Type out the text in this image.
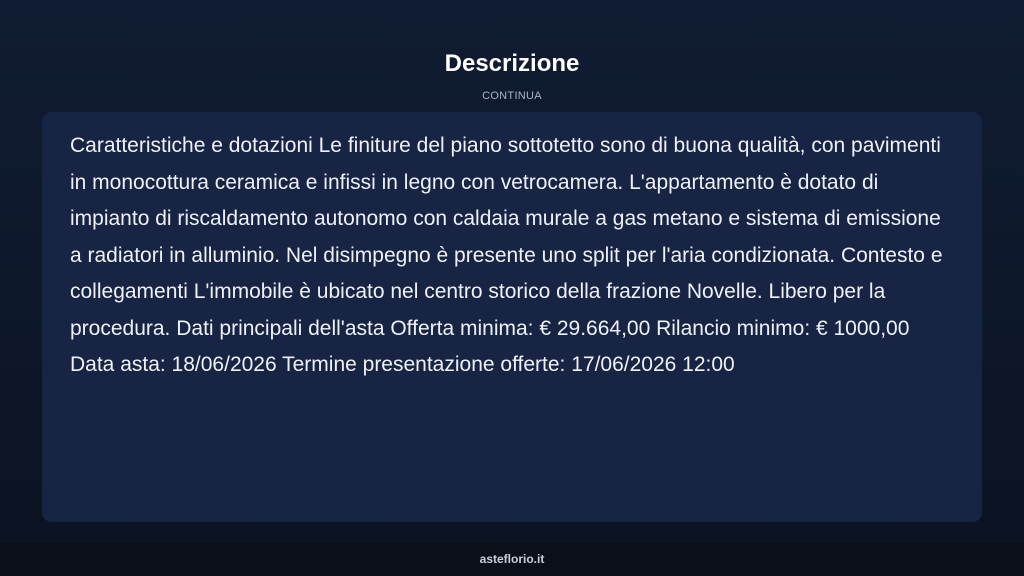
Descrizione
CONTINUA

Caratteristiche e dotazioni Le finiture del piano sottotetto sono di buona qualità, con pavimenti in monocottura ceramica e infissi in legno con vetrocamera. L'appartamento è dotato di impianto di riscaldamento autonomo con caldaia murale a gas metano e sistema di emissione a radiatori in alluminio. Nel disimpegno è presente uno split per l'aria condizionata. Contesto e collegamenti L'immobile è ubicato nel centro storico della frazione Novelle. Libero per la procedura. Dati principali dell'asta Offerta minima: € 29.664,00 Rilancio minimo: € 1000,00 Data asta: 18/06/2026 Termine presentazione offerte: 17/06/2026 12:00

asteflorio.it
